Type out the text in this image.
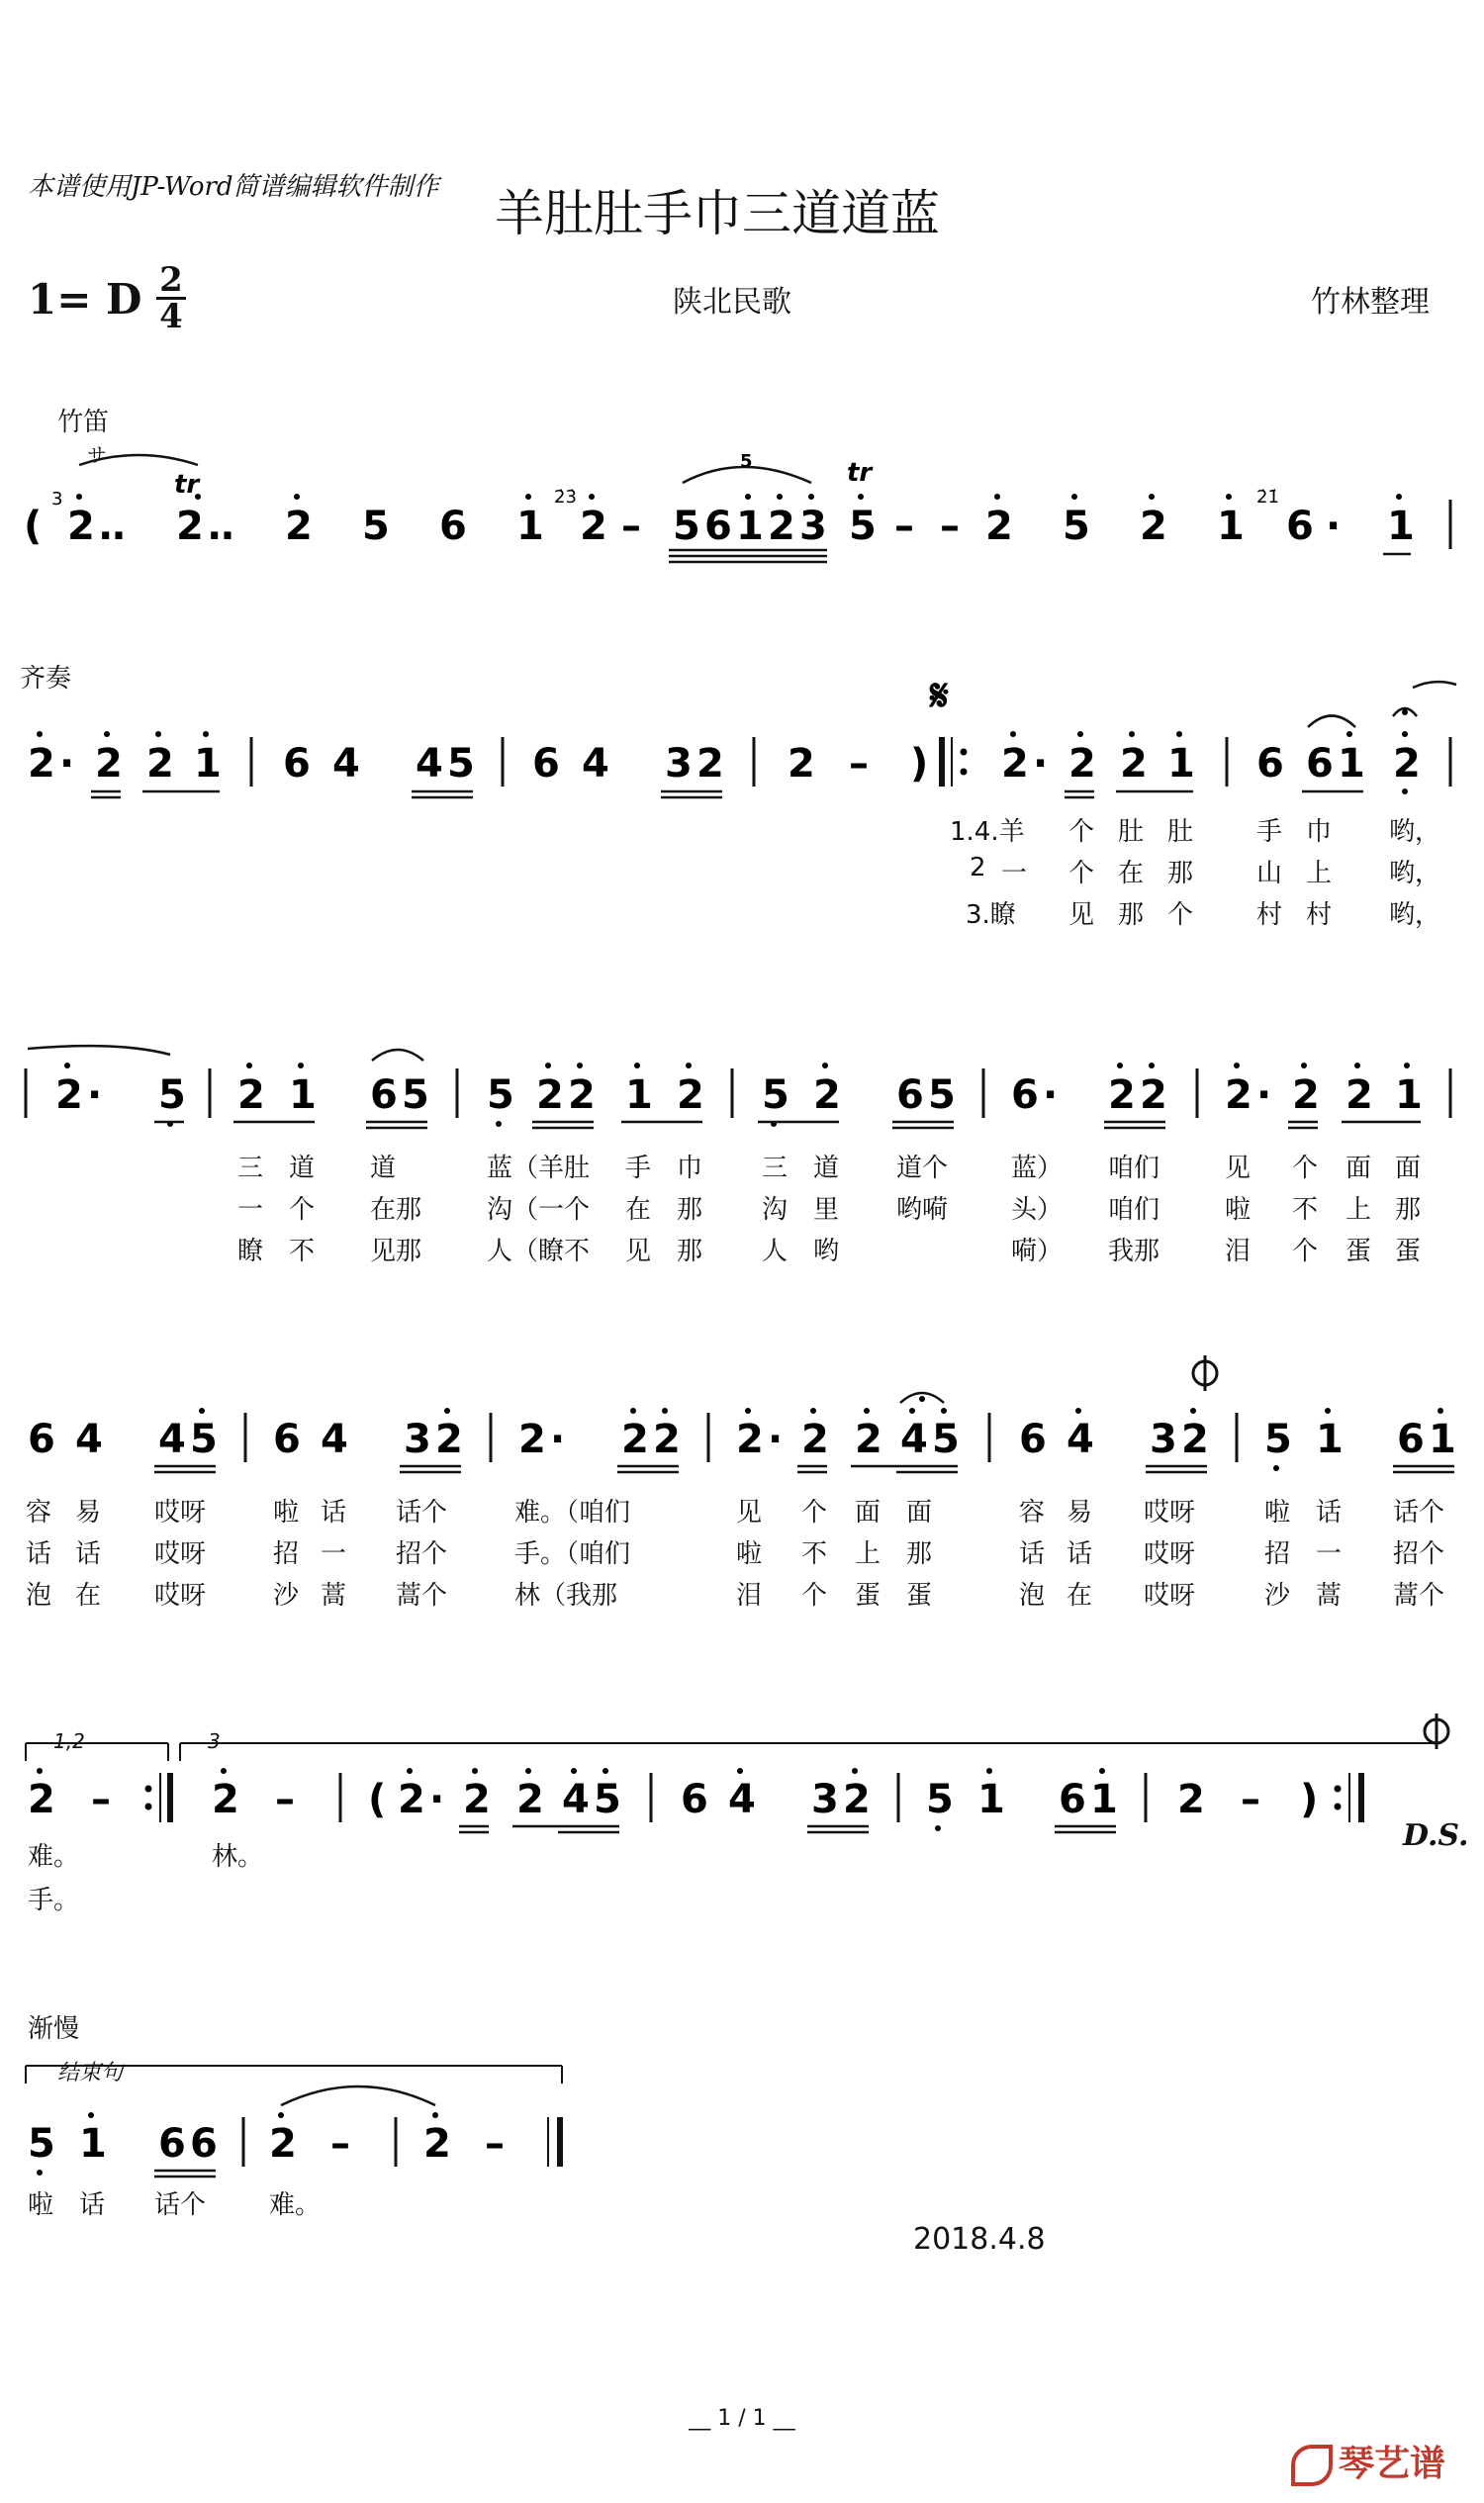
本谱使用JP-Word简谱编辑软件制作 羊肚肚手巾三道道蓝
1= D 2
4	陕北民歌	竹林整理
竹笛
サ
齐奏
渐慢
结束句
1,2	3
D.S.
(
3
2 ‥ 2 ‥ 2 5 6 1
2̇3̇
2 – 5 6 1 2 3 5 – – 2 5 2 1
2̇1̇
6 · 1
5
tr	tr
2 · 2 2 1 6 4 4 5 6 4 3 2 2 – ) 2 · 2 2 1 6 6 1 2
𝄋
2 · 5 2 1 6 5 5 2 2 1 2 5 2 6 5 6 · 2 2 2 · 2 2 1
6 4 4 5 6 4 3 2 2 · 2 2 2 · 2 2 4 5 6 4 3 2 5 1 6 1
2 –	2 – ( 2 · 2 2 4 5 6 4 3 2 5 1 6 1 2 – )
5 1 6 6 2 – 2 –
1.4.羊 个 肚 肚 手 巾 哟，
2 一 个 在 那 山 上 哟，
3.瞭 见 那 个 村 村 哟，
三 道 道	蓝（羊肚 手 巾 三 道 道个 蓝） 咱们	见 个 面 面
一 个 在那	沟（一个 在 那 沟 里 哟嗬 头） 咱们	啦 不 上 那
瞭 不 见那	人（瞭不 见 那 人 哟	嗬） 我那	泪 个 蛋 蛋
容 易 哎呀	啦 话 话个	难。（咱们	见 个 面 面	容 易 哎呀	啦 话 话个
话 话 哎呀	招 一 招个	手。（咱们	啦 不 上 那	话 话 哎呀	招 一 招个
泡 在 哎呀	沙 蒿 蒿个	林（我那	泪 个 蛋 蛋	泡 在 哎呀	沙 蒿 蒿个
难。	林。
手。
啦 话 话个 难。
2018.4.8
__ 1 / 1 __
琴艺谱
